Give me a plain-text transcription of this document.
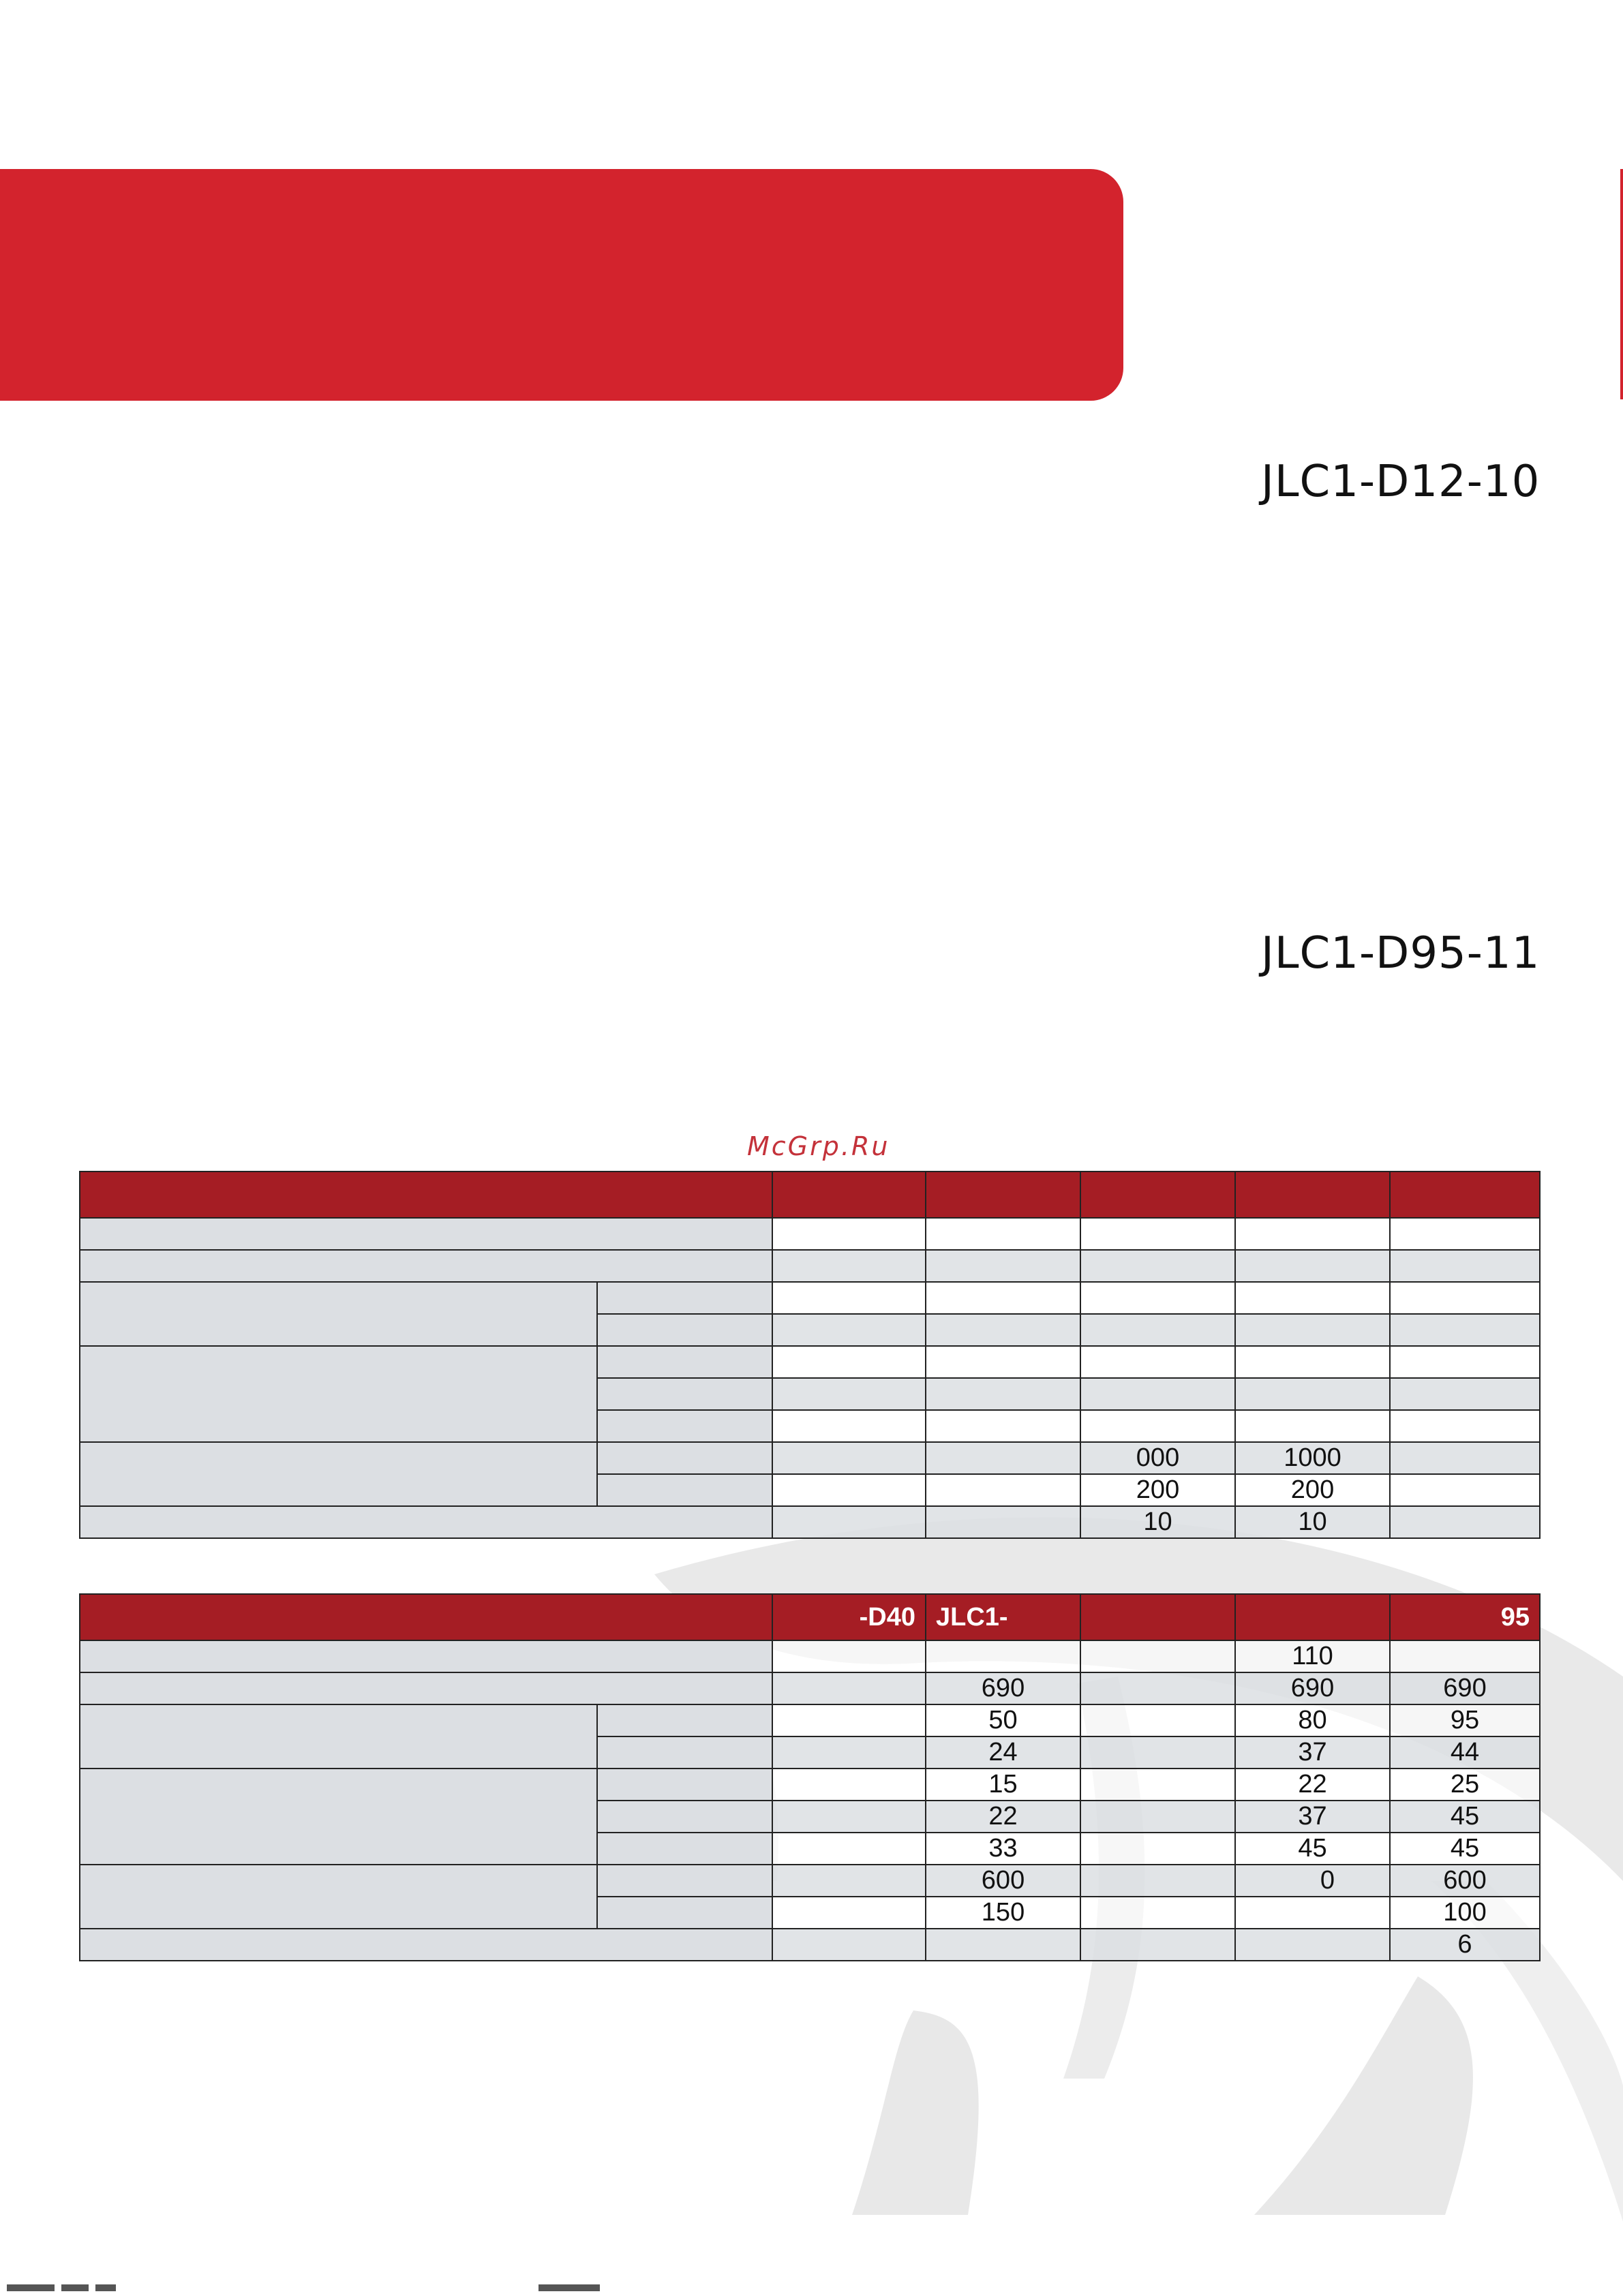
JLC1-D12-10
JLC1-D95-11
McGrp.Ru

				000	1000	
				200	200	
				10	10	
		-D40	JLC1-			95
					110	
			690		690	690
			50		80	95
			24		37	44
			15		22	25
			22		37	45
			33		45	45
			600		0	600
			150			100
						6
